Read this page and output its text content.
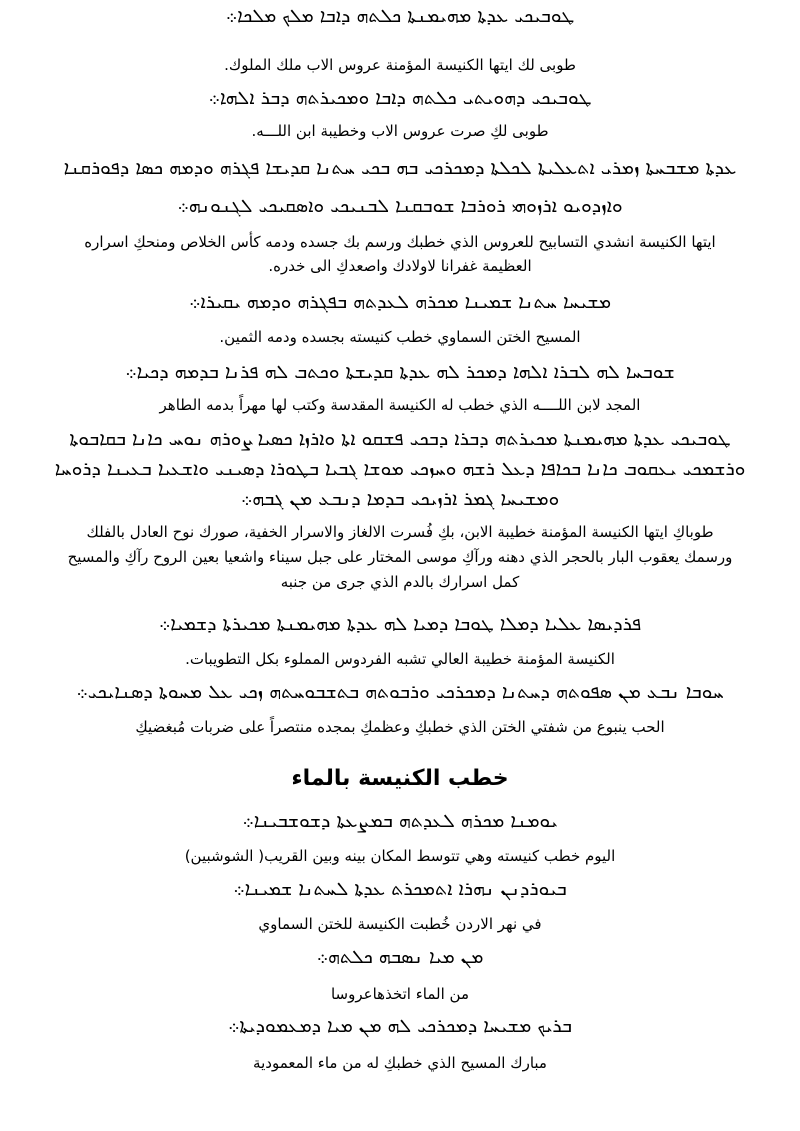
ܛܘܒܝܟܝ ܥܕܬܐ ܡܗܝܡܢܬܐ ܟܠܬܗ ܕܐܒܐ ܡܠܟ ܡܠܟܐ܀
طوبى لك ايتها الكنيسة المؤمنة عروس الاب ملك الملوك.
ܛܘܒܝܟܝ ܕܗܘܝܬܝ ܟܠܬܗ ܕܐܒܐ ܘܡܟܝܪܬܗ ܕܒܪ ܐܠܗܐ܀
طوبى لكِ صرت عروس الاب وخطيبة ابن اللـــه.
ܥܕܬܐ ܡܫܒܚܬܐ ܙܡܪܝ ܐܬܥܠܝܬܐ ܠܟܠܬܐ ܕܡܟܪܟܝ ܒܗ ܒܟܝ ܚܬܢܐ ܩܕܝܫܐ ܦܓܪܗ ܘܕܡܗ ܟܣܐ ܕܦܘܪܩܢܐ
ܘܐܙܕܘܝܘ ܐܪܙܘܗܝ ܪܘܪܒܐ ܫܘܒܩܢܐ ܠܒܢܝܟܝ ܘܐܣܩܝܟܝ ܠܓܢܘܢܗ܀
ايتها الكنيسة انشدي التسابيح للعروس الذي خطبك ورسم بك جسده ودمه كأس الخلاص ومنحكِ اسراره
العظيمة غفرانا لاولادك واصعدكِ الى خدره.
ܡܫܝܚܐ ܚܬܢܐ ܫܡܝܢܐ ܡܟܪܗ ܠܥܕܬܗ ܒܦܓܪܗ ܘܕܡܗ ܝܩܝܪܐ܀
المسيح الختن السماوي خطب كنيسته بجسده ودمه الثمين.
ܫܘܒܚܐ ܠܗ ܠܒܪܐ ܐܠܗܐ ܕܡܟܪ ܠܗ ܥܕܬܐ ܩܕܝܫܬܐ ܘܟܬܒ ܠܗ ܦܪܢܐ ܒܕܡܗ ܕܟܝܐ܀
المجد لابن اللــــه الذي خطب له الكنيسة المقدسة وكتب لها مهراً بدمه الطاهر
ܛܘܒܝܟܝ ܥܕܬܐ ܡܗܝܡܢܬܐ ܡܟܝܪܬܗ ܕܒܪܐ ܕܒܟܝ ܦܫܩܘ ܐܬܐ ܘܐܪܙܐ ܟܣܝܐ ܨܘܪܗ ܢܘܚ ܟܐܢܐ ܒܩܐܒܘܬܐ
ܘܪܫܡܟܝ ܝܥܩܘܒ ܟܐܢܐ ܒܟܐܦܐ ܕܥܠ ܪܫܗ ܘܚܙܟܝ ܡܘܫܐ ܓܒܝܐ ܒܛܘܪܐ ܕܣܝܢܝ ܘܐܫܥܝܐ ܒܥܝܢܐ ܕܪܘܚܐ
ܘܡܫܝܚܐ ܓܡܪ ܐܪܙܝܟܝ ܒܕܡܐ ܕܢܒܥ ܡܢ ܓܒܗ܀
طوباكِ ايتها الكنيسة المؤمنة خطيبة الابن، بكِ فُسرت الالغاز والاسرار الخفية، صورك نوح العادل بالفلك
ورسمك يعقوب البار بالحجر الذي دهنه ورآكِ موسى المختار على جبل سيناء واشعيا بعين الروح رآكِ والمسيح
كمل اسرارك بالدم الذي جرى من جنبه
ܦܪܕܝܣܐ ܥܠܝܐ ܕܡܠܐ ܛܘܒܐ ܕܡܝܐ ܠܗ ܥܕܬܐ ܡܗܝܡܢܬܐ ܡܟܝܪܬܐ ܕܫܡܝܐ܀
الكنيسة المؤمنة خطيبة العالي تشبه الفردوس المملوء بكل التطويبات.
ܚܘܒܐ ܢܒܥ ܡܢ ܣܦܘܬܗ ܕܚܬܢܐ ܕܡܟܪܟܝ ܘܪܒܘܬܗ ܒܬܫܒܘܚܬܗ ܙܟܝ ܥܠ ܡܚܘܬܐ ܕܣܢܐܝܟܝ܀
الحب ينبوع من شفتي الختن الذي خطبكِ وعظمكِ بمجده منتصراً على ضربات مُبغضيكِ
خطب الكنيسة بالماء
ܝܘܡܢܐ ܡܟܪܗ ܠܥܕܬܗ ܒܡܨܥܬܐ ܕܫܘܫܒܝܢܐ܀
اليوم خطب كنيسته وهي تتوسط المكان بينه وبين القريب( الشوشبين)
ܒܝܘܪܕܢܢ ܢܗܪܐ ܐܬܡܟܪܬ ܥܕܬܐ ܠܚܬܢܐ ܫܡܝܢܐ܀
في نهر الاردن خُطبت الكنيسة للختن السماوي
ܡܢ ܡܝܐ ܢܣܒܗ ܟܠܬܗ܀
من الماء اتخذهاعروسا
ܒܪܝܟ ܡܫܝܚܐ ܕܡܟܪܟܝ ܠܗ ܡܢ ܡܝܐ ܕܡܥܡܘܕܝܬܐ܀
مبارك المسيح الذي خطبكِ له من ماء المعمودية
